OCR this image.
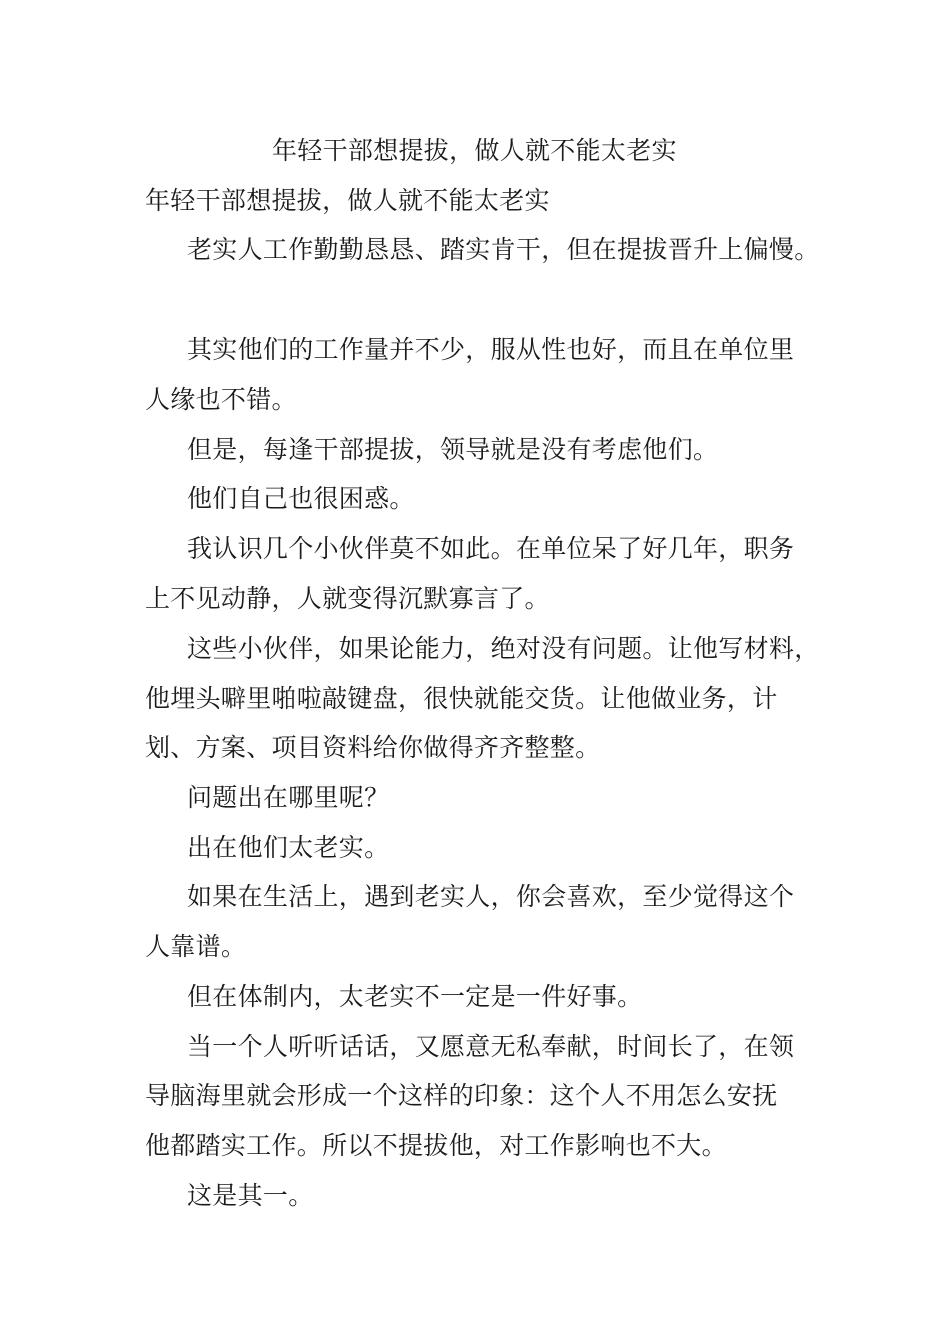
年轻干部想提拔，做人就不能太老实
年轻干部想提拔，做人就不能太老实
老实人工作勤勤恳恳、踏实肯干，但在提拔晋升上偏慢。
其实他们的工作量并不少，服从性也好，而且在单位里
人缘也不错。
但是，每逢干部提拔，领导就是没有考虑他们。
他们自己也很困惑。
我认识几个小伙伴莫不如此。在单位呆了好几年，职务
上不见动静，人就变得沉默寡言了。
这些小伙伴，如果论能力，绝对没有问题。让他写材料，
他埋头噼里啪啦敲键盘，很快就能交货。让他做业务，计
划、方案、项目资料给你做得齐齐整整。
问题出在哪里呢？
出在他们太老实。
如果在生活上，遇到老实人，你会喜欢，至少觉得这个
人靠谱。
但在体制内，太老实不一定是一件好事。
当一个人听听话话，又愿意无私奉献，时间长了，在领
导脑海里就会形成一个这样的印象：这个人不用怎么安抚
他都踏实工作。所以不提拔他，对工作影响也不大。
这是其一。
